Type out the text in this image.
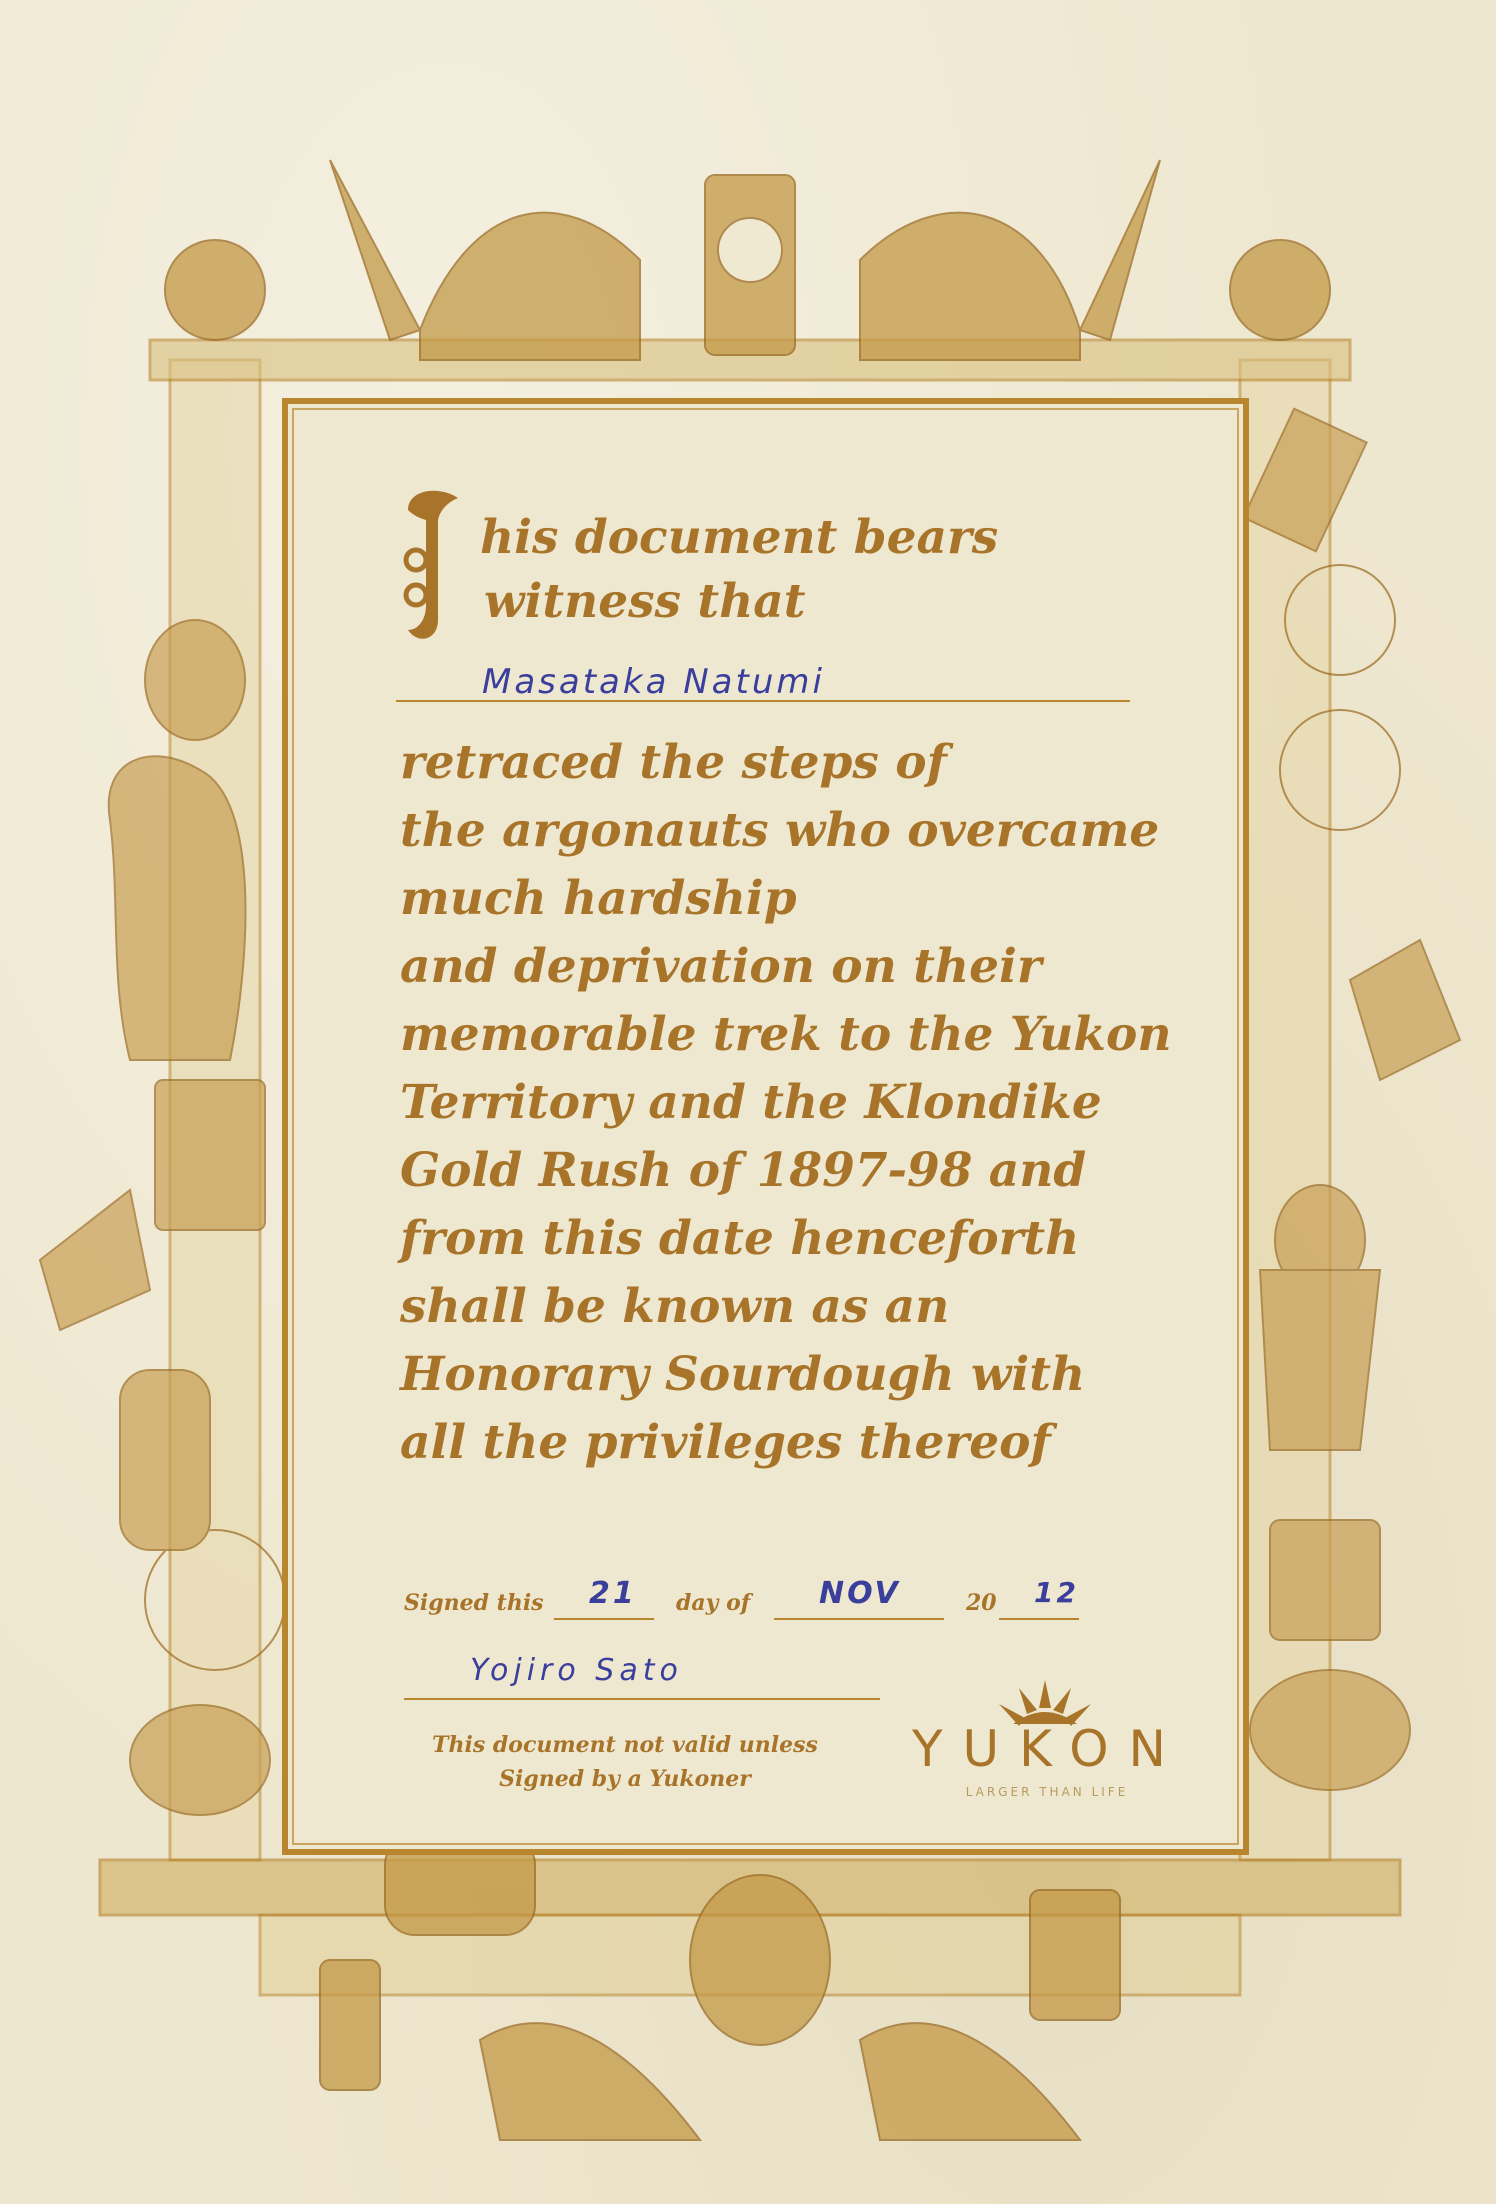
his document bears
witness that
Masataka Natumi
retraced the steps of
the argonauts who overcame
much hardship
and deprivation on their
memorable trek to the Yukon
Territory and the Klondike
Gold Rush of 1897-98 and
from this date henceforth
shall be known as an
Honorary Sourdough with
all the privileges thereof
Signed this 21 day of NOV	20 12
Yojiro Sato
This document not valid unless
Signed by a Yukoner
YUKON
LARGER THAN LIFE
